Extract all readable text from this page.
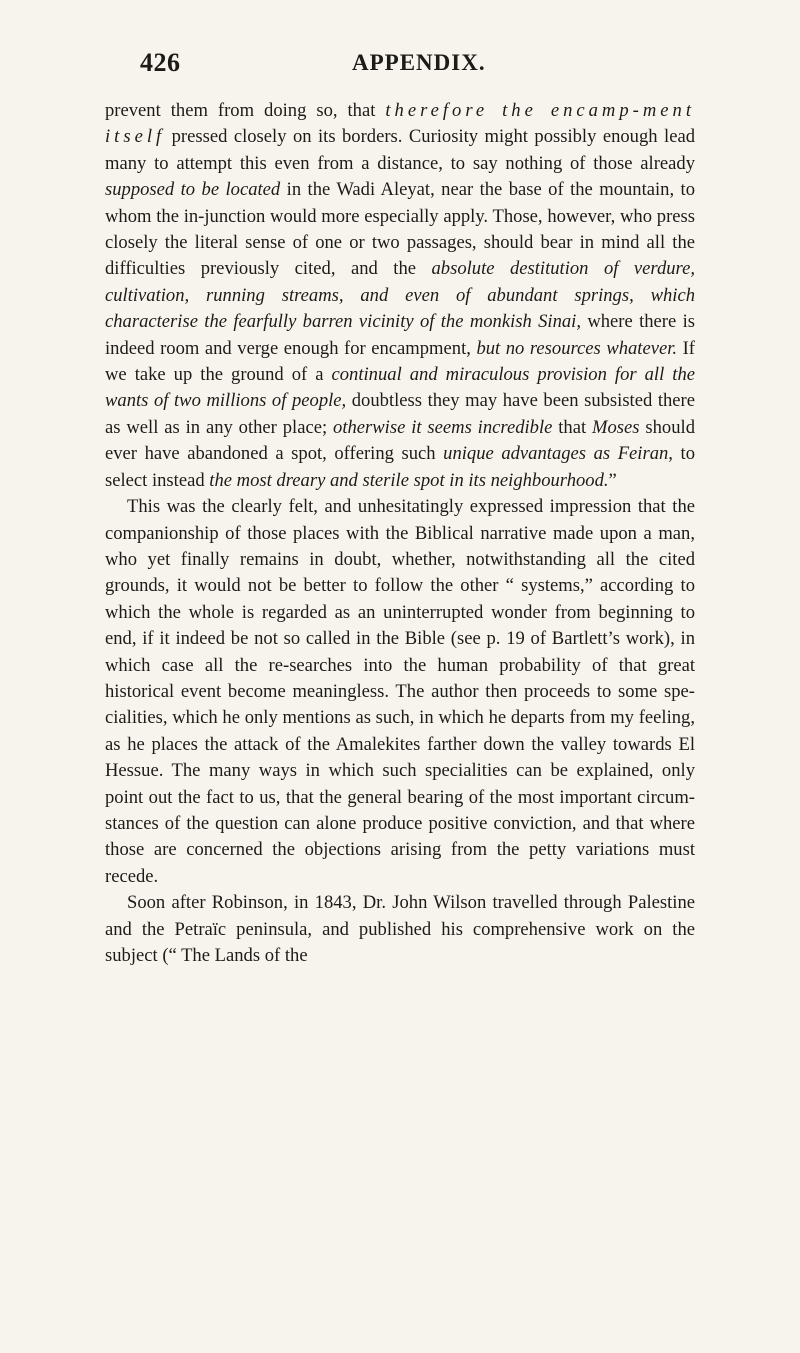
426	APPENDIX.

prevent them from doing so, that therefore the encamp-ment itself pressed closely on its borders. Curiosity might possibly enough lead many to attempt this even from a distance, to say nothing of those already supposed to be located in the Wadi Aleyat, near the base of the mountain, to whom the in-junction would more especially apply. Those, however, who press closely the literal sense of one or two passages, should bear in mind all the difficulties previously cited, and the absolute destitution of verdure, cultivation, running streams, and even of abundant springs, which characterise the fearfully barren vicinity of the monkish Sinai, where there is indeed room and verge enough for encampment, but no resources whatever. If we take up the ground of a continual and miraculous provision for all the wants of two millions of people, doubtless they may have been subsisted there as well as in any other place; otherwise it seems incredible that Moses should ever have abandoned a spot, offering such unique advantages as Feiran, to select instead the most dreary and sterile spot in its neighbourhood.”

This was the clearly felt, and unhesitatingly expressed impression that the companionship of those places with the Biblical narrative made upon a man, who yet finally remains in doubt, whether, notwithstanding all the cited grounds, it would not be better to follow the other “ systems,” according to which the whole is regarded as an uninterrupted wonder from beginning to end, if it indeed be not so called in the Bible (see p. 19 of Bartlett’s work), in which case all the re-searches into the human probability of that great historical event become meaningless. The author then proceeds to some spe-cialities, which he only mentions as such, in which he departs from my feeling, as he places the attack of the Amalekites farther down the valley towards El Hessue. The many ways in which such specialities can be explained, only point out the fact to us, that the general bearing of the most important circum-stances of the question can alone produce positive conviction, and that where those are concerned the objections arising from the petty variations must recede.

Soon after Robinson, in 1843, Dr. John Wilson travelled through Palestine and the Petraïc peninsula, and published his comprehensive work on the subject (“ The Lands of the
